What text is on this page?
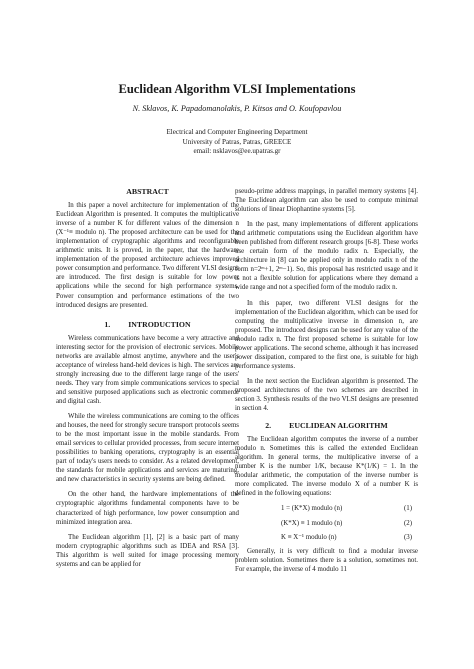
Euclidean Algorithm VLSI Implementations
N. Sklavos, K. Papadomanolakis, P. Kitsos and O. Koufopavlou
Electrical and Computer Engineering Department
University of Patras, Patras, GREECE
email: nsklavos@ee.upatras.gr
ABSTRACT

In this paper a novel architecture for implementation of the Euclidean Algorithm is presented. It computes the multiplicative inverse of a number K for different values of the dimension n (X⁻¹≡ modulo n). The proposed architecture can be used for the implementation of cryptographic algorithms and reconfigurable arithmetic units. It is proved, in the paper, that the hardware implementation of the proposed architecture achieves improved power consumption and performance. Two different VLSI designs are introduced. The first design is suitable for low power applications while the second for high performance systems. Power consumption and performance estimations of the two introduced designs are presented.

1. INTRODUCTION

Wireless communications have become a very attractive and interesting sector for the provision of electronic services. Mobile networks are available almost anytime, anywhere and the user's acceptance of wireless hand-held devices is high. The services are strongly increasing due to the different large range of the users' needs. They vary from simple communications services to special and sensitive purposed applications such as electronic commerce and digital cash.

While the wireless communications are coming to the offices and houses, the need for strongly secure transport protocols seems to be the most important issue in the mobile standards. From email services to cellular provided processes, from secure internet possibilities to banking operations, cryptography is an essential part of today's users needs to consider. As a related development, the standards for mobile applications and services are maturing, and new characteristics in security systems are being defined.

On the other hand, the hardware implementations of the cryptographic algorithms fundamental components have to be characterized of high performance, low power consumption and minimized integration area.

The Euclidean algorithm [1], [2] is a basic part of many modern cryptographic algorithms such as IDEA and RSA [3]. This algorithm is well suited for image processing memory systems and can be applied for

pseudo-prime address mappings, in parallel memory systems [4]. The Euclidean algorithm can also be used to compute minimal solutions of linear Diophantine systems [5].

In the past, many implementations of different applications and arithmetic computations using the Euclidean algorithm have been published from different research groups [6-8]. These works use certain form of the modulo radix n. Especially, the architecture in [8] can be applied only in modulo radix n of the form n=2ᵐ+1, 2ᵐ−1). So, this proposal has restricted usage and it is not a flexible solution for applications where they demand a wide range and not a specified form of the modulo radix n.

In this paper, two different VLSI designs for the implementation of the Euclidean algorithm, which can be used for computing the multiplicative inverse in dimension n, are proposed. The introduced designs can be used for any value of the modulo radix n. The first proposed scheme is suitable for low power applications. The second scheme, although it has increased power dissipation, compared to the first one, is suitable for high performance systems.

In the next section the Euclidean algorithm is presented. The proposed architectures of the two schemes are described in section 3. Synthesis results of the two VLSI designs are presented in section 4.

2. EUCLIDEAN ALGORITHM

The Euclidean algorithm computes the inverse of a number modulo n. Sometimes this is called the extended Euclidean algorithm. In general terms, the multiplicative inverse of a number K is the number 1/K, because K*(1/K) = 1. In the modular arithmetic, the computation of the inverse number is more complicated. The inverse modulo X of a number K is defined in the following equations:

1 = (K*X) modulo (n)	(1)
(K*X) ≡ 1 modulo (n)	(2)
K ≡ X⁻¹ modulo (n)	(3)

Generally, it is very difficult to find a modular inverse problem solution. Sometimes there is a solution, sometimes not. For example, the inverse of 4 modulo 11
